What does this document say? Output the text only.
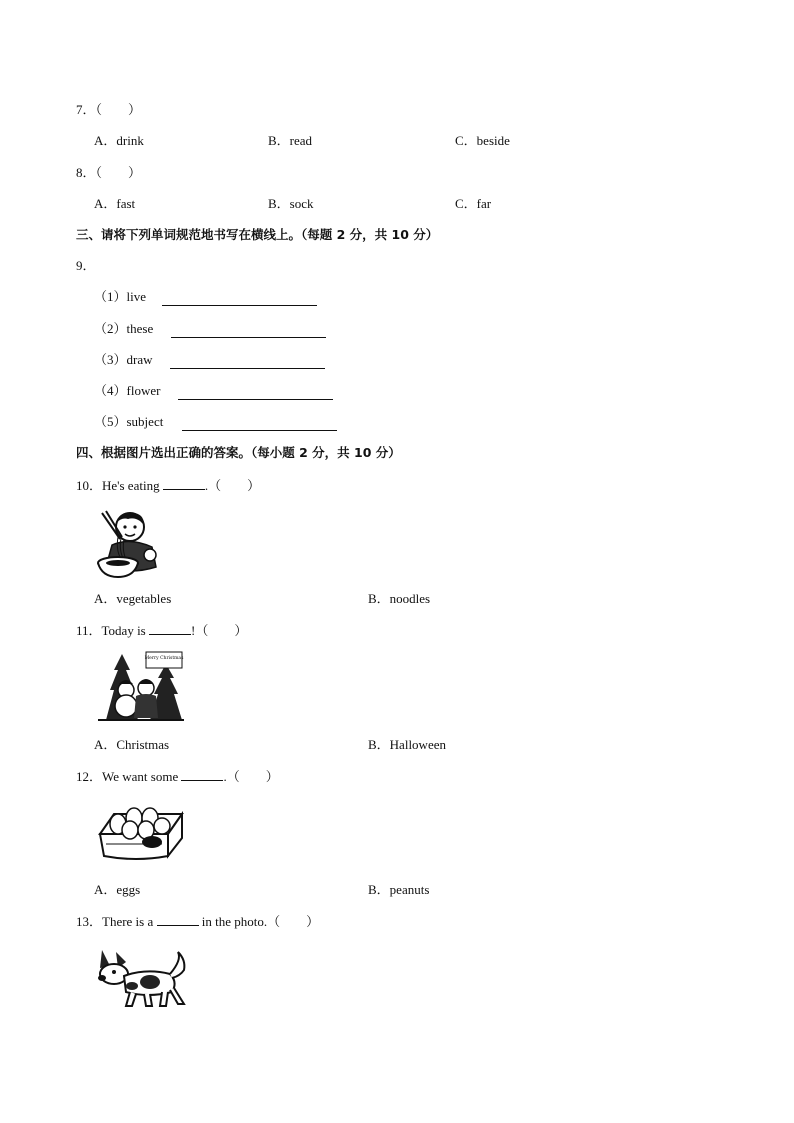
7．（　　）
A．drink	B．read	C．beside
8．（　　）
A．fast	B．sock	C．far
三、请将下列单词规范地书写在横线上。（每题 2 分，共 10 分）
9．
（1）live
（2）these
（3）draw
（4）flower
（5）subject
四、根据图片选出正确的答案。（每小题 2 分，共 10 分）
10．He's eating	.（　　）
A．vegetables	B．noodles
11．Today is	!（　　）
Merry Christmas
A．Christmas	B．Halloween
12．We want some	.（　　）
A．eggs	B．peanuts
13．There is a	in the photo.（　　）
